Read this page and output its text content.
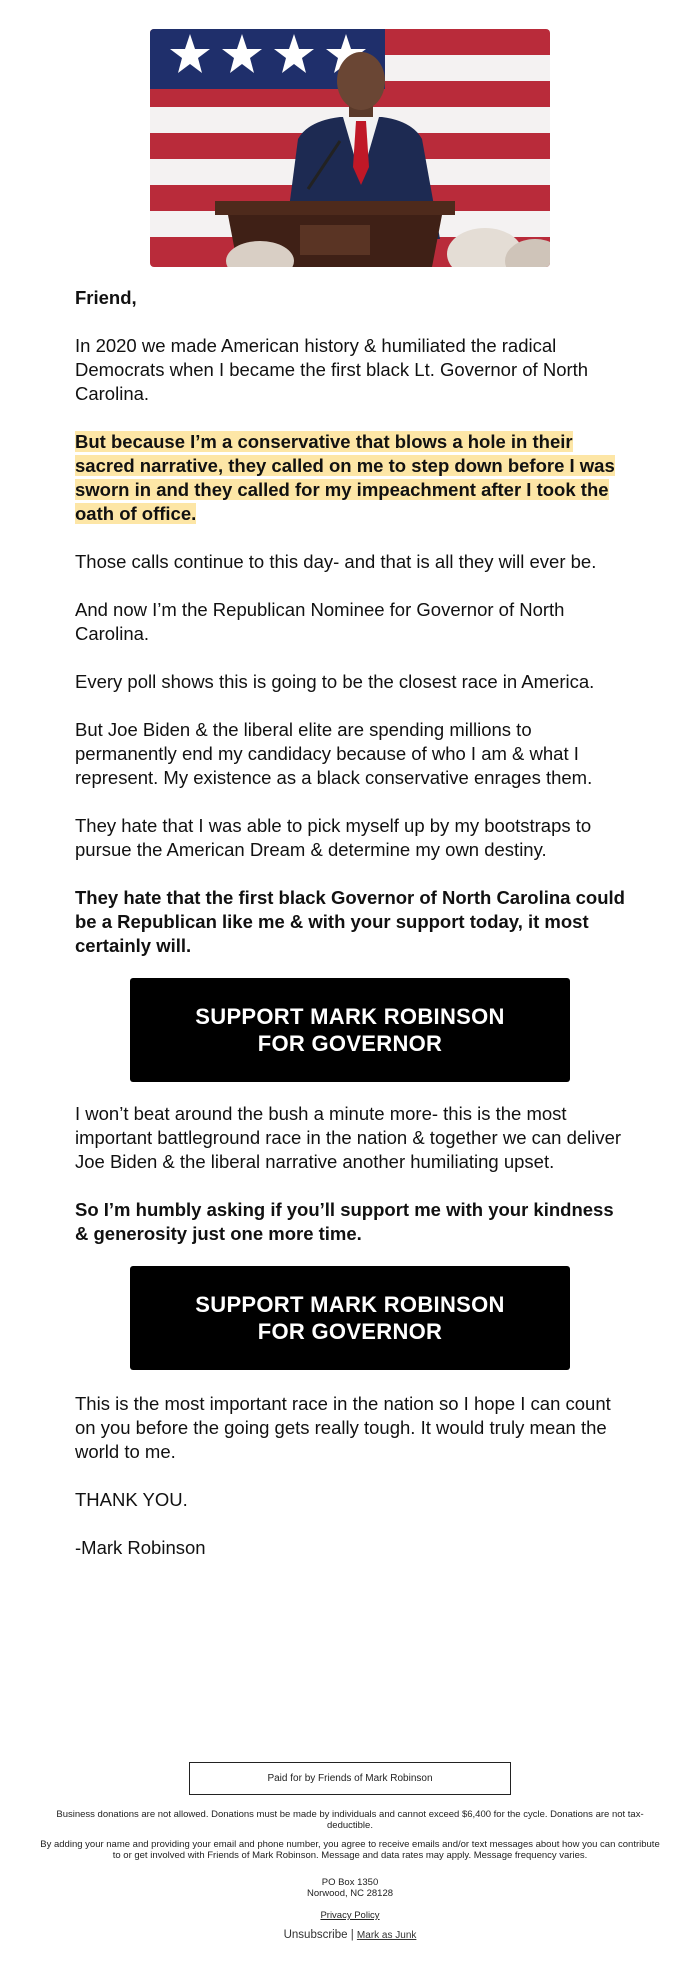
Friend,

In 2020 we made American history & humiliated the radical Democrats when I became the first black Lt. Governor of North Carolina.

But because I’m a conservative that blows a hole in their sacred narrative, they called on me to step down before I was sworn in and they called for my impeachment after I took the oath of office.

Those calls continue to this day- and that is all they will ever be.

And now I’m the Republican Nominee for Governor of North Carolina.

Every poll shows this is going to be the closest race in America.

But Joe Biden & the liberal elite are spending millions to permanently end my candidacy because of who I am & what I represent. My existence as a black conservative enrages them.

They hate that I was able to pick myself up by my bootstraps to pursue the American Dream & determine my own destiny.

They hate that the first black Governor of North Carolina could be a Republican like me & with your support today, it most certainly will.

SUPPORT MARK ROBINSON
FOR GOVERNOR

I won’t beat around the bush a minute more- this is the most important battleground race in the nation & together we can deliver Joe Biden & the liberal narrative another humiliating upset.

So I’m humbly asking if you’ll support me with your kindness & generosity just one more time.

SUPPORT MARK ROBINSON
FOR GOVERNOR

This is the most important race in the nation so I hope I can count on you before the going gets really tough. It would truly mean the world to me.

THANK YOU.

-Mark Robinson

Paid for by Friends of Mark Robinson
Business donations are not allowed. Donations must be made by individuals and cannot exceed $6,400 for the cycle. Donations are not tax-deductible.
By adding your name and providing your email and phone number, you agree to receive emails and/or text messages about how you can contribute to or get involved with Friends of Mark Robinson. Message and data rates may apply. Message frequency varies.
PO Box 1350
Norwood, NC 28128
Privacy Policy
Unsubscribe | Mark as Junk
